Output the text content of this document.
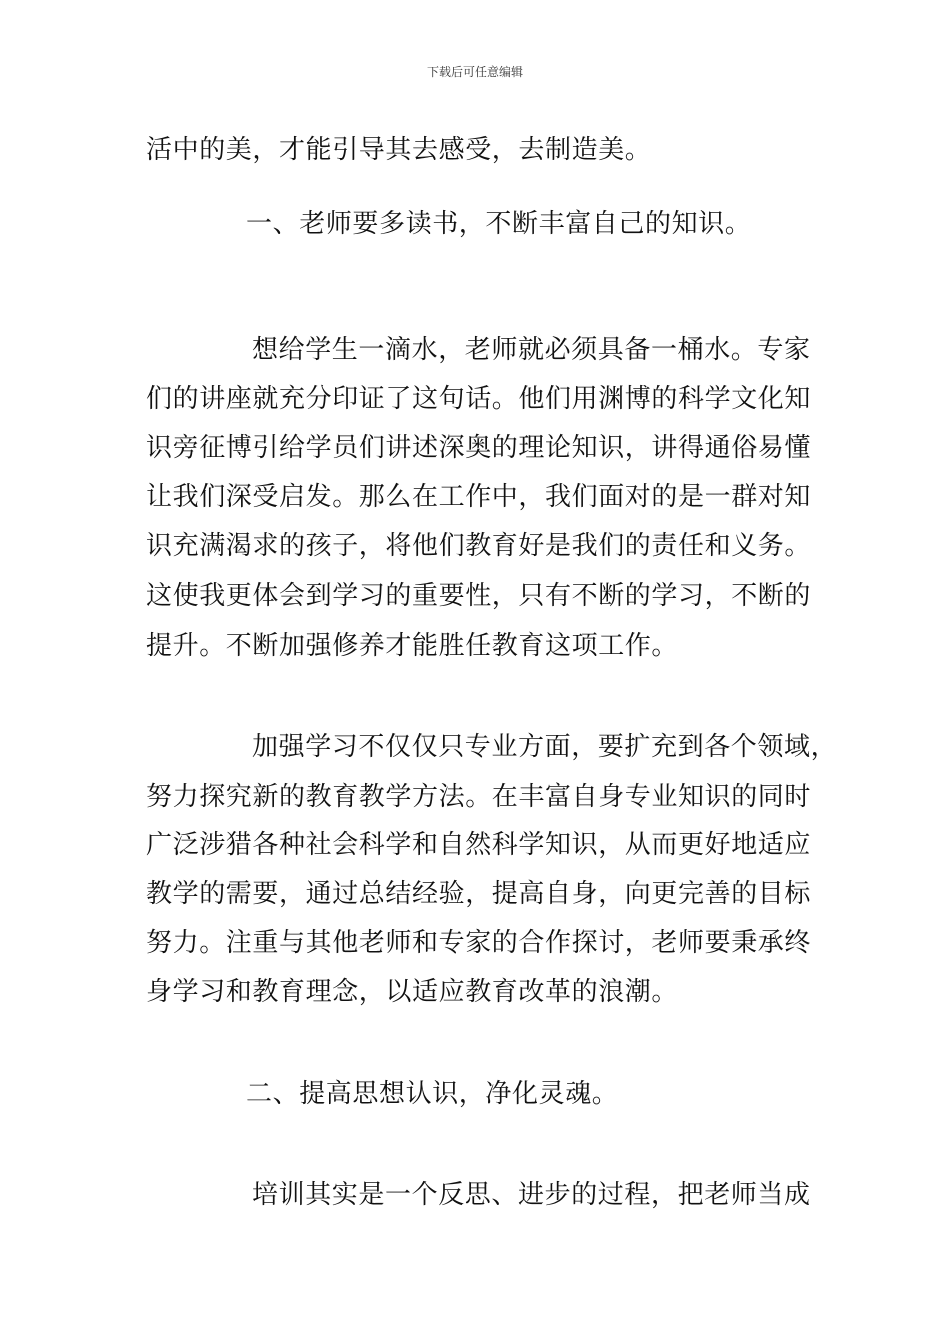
下载后可任意编辑
活中的美，才能引导其去感受，去制造美。
一、老师要多读书，不断丰富自己的知识。
想给学生一滴水，老师就必须具备一桶水。专家
们的讲座就充分印证了这句话。他们用渊博的科学文化知
识旁征博引给学员们讲述深奥的理论知识，讲得通俗易懂
让我们深受启发。那么在工作中，我们面对的是一群对知
识充满渴求的孩子，将他们教育好是我们的责任和义务。
这使我更体会到学习的重要性，只有不断的学习，不断的
提升。不断加强修养才能胜任教育这项工作。
加强学习不仅仅只专业方面，要扩充到各个领域，
努力探究新的教育教学方法。在丰富自身专业知识的同时
广泛涉猎各种社会科学和自然科学知识，从而更好地适应
教学的需要，通过总结经验，提高自身，向更完善的目标
努力。注重与其他老师和专家的合作探讨，老师要秉承终
身学习和教育理念，以适应教育改革的浪潮。
二、提高思想认识，净化灵魂。
培训其实是一个反思、进步的过程，把老师当成
